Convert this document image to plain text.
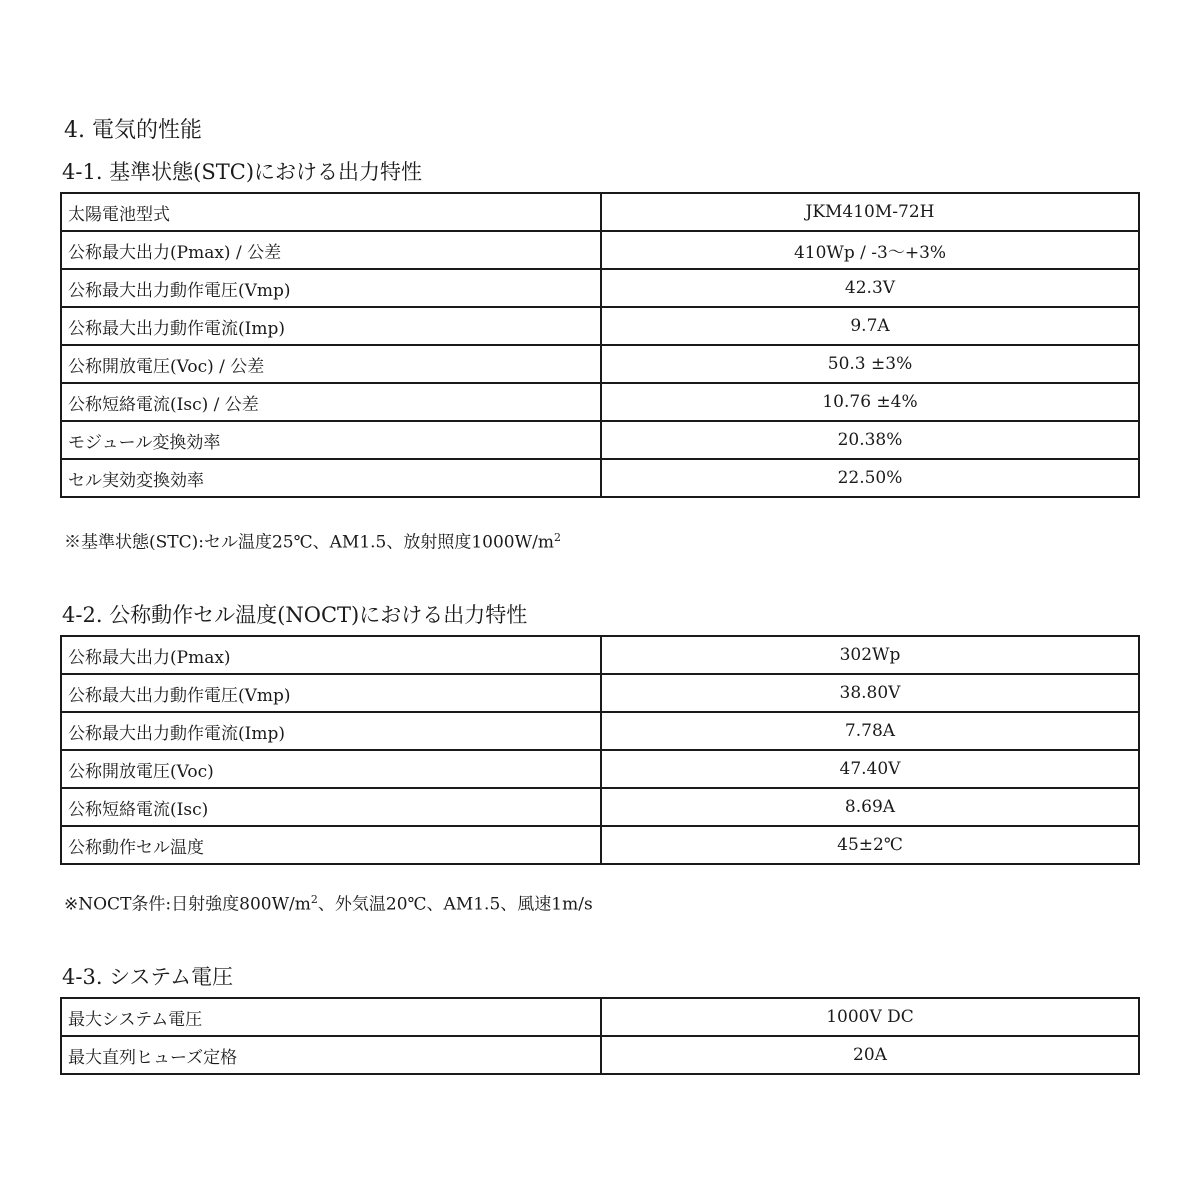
4. 電気的性能
4-1. 基準状態(STC)における出力特性
太陽電池型式	JKM410M-72H
公称最大出力(Pmax) / 公差	410Wp / -3〜+3%
公称最大出力動作電圧(Vmp)	42.3V
公称最大出力動作電流(Imp)	9.7A
公称開放電圧(Voc) / 公差	50.3 ±3%
公称短絡電流(Isc) / 公差	10.76 ±4%
モジュール変換効率	20.38%
セル実効変換効率	22.50%
※基準状態(STC):セル温度25℃、AM1.5、放射照度$1000W/m^2$
4-2. 公称動作セル温度(NOCT)における出力特性
公称最大出力(Pmax)	302Wp
公称最大出力動作電圧(Vmp)	38.80V
公称最大出力動作電流(Imp)	7.78A
公称開放電圧(Voc)	47.40V
公称短絡電流(Isc)	8.69A
公称動作セル温度	45±2℃
※NOCT条件:日射強度$800W/m^2$、外気温20℃、AM1.5、風速1m/s
4-3. システム電圧
最大システム電圧	1000V DC
最大直列ヒューズ定格	20A
